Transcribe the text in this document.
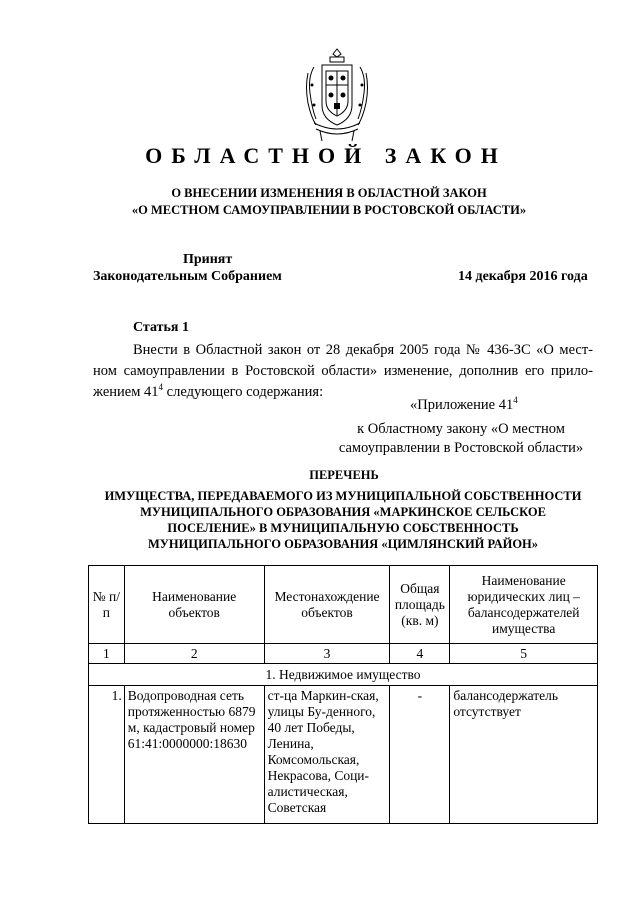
ОБЛАСТНОЙ ЗАКОН
О ВНЕСЕНИИ ИЗМЕНЕНИЯ В ОБЛАСТНОЙ ЗАКОН
«О МЕСТНОМ САМОУПРАВЛЕНИИ В РОСТОВСКОЙ ОБЛАСТИ»
Принят
Законодательным Собранием	14 декабря 2016 года
Статья 1
Внести в Областной закон от 28 декабря 2005 года № 436-ЗС «О мест-
ном самоуправлении в Ростовской области» изменение, дополнив его прило-
жением $41^4$ следующего содержания:
«Приложение $41^4$
к Областному закону «О местном
самоуправлении в Ростовской области»
ПЕРЕЧЕНЬ
ИМУЩЕСТВА, ПЕРЕДАВАЕМОГО ИЗ МУНИЦИПАЛЬНОЙ СОБСТВЕННОСТИ
МУНИЦИПАЛЬНОГО ОБРАЗОВАНИЯ «МАРКИНСКОЕ СЕЛЬСКОЕ
ПОСЕЛЕНИЕ» В МУНИЦИПАЛЬНУЮ СОБСТВЕННОСТЬ
МУНИЦИПАЛЬНОГО ОБРАЗОВАНИЯ «ЦИМЛЯНСКИЙ РАЙОН»
№ п/п	Наименование объектов	Местонахождение объектов	Общая площадь (кв. м)	Наименование юридических лиц – балансодержателей имущества
1	2	3	4	5
1. Недвижимое имущество				
1.	Водопроводная сеть протяженностью 6879 м, кадастровый номер 61:41:0000000:18630	ст-ца Маркин-ская, улицы Бу-денного, 40 лет Победы, Ленина, Комсомольская, Некрасова, Соци-алистическая, Советская	-	балансодержатель отсутствует
